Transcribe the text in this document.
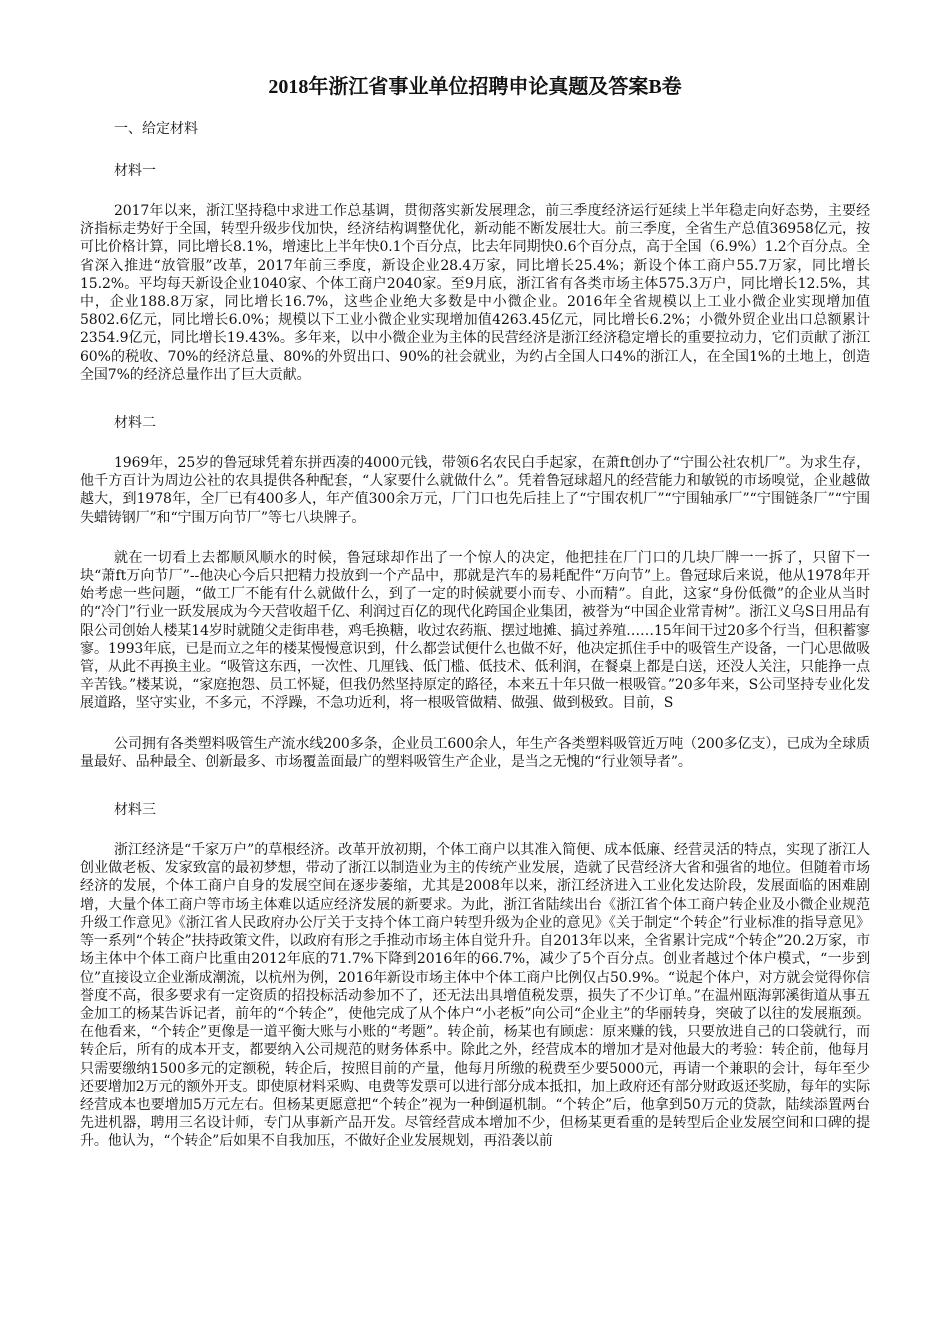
2018年浙江省事业单位招聘申论真题及答案B卷

一、给定材料

材料一

2017年以来，浙江坚持稳中求进工作总基调，贯彻落实新发展理念，前三季度经济运行延续上半年稳走向好态势，主要经济指标走势好于全国，转型升级步伐加快，经济结构调整优化，新动能不断发展壮大。前三季度，全省生产总值36958亿元，按可比价格计算，同比增长8.1%，增速比上半年快0.1个百分点，比去年同期快0.6个百分点，高于全国（6.9%）1.2个百分点。全省深入推进“放管服”改革，2017年前三季度，新设企业28.4万家，同比增长25.4%；新设个体工商户55.7万家，同比增长15.2%。平均每天新设企业1040家、个体工商户2040家。至9月底，浙江省有各类市场主体575.3万户，同比增长12.5%，其中，企业188.8万家，同比增长16.7%，这些企业绝大多数是中小微企业。2016年全省规模以上工业小微企业实现增加值5802.6亿元，同比增长6.0%；规模以下工业小微企业实现增加值4263.45亿元，同比增长6.2%；小微外贸企业出口总额累计2354.9亿元，同比增长19.43%。多年来，以中小微企业为主体的民营经济是浙江经济稳定增长的重要拉动力，它们贡献了浙江60%的税收、70%的经济总量、80%的外贸出口、90%的社会就业，为约占全国人口4%的浙江人，在全国1%的土地上，创造全国7%的经济总量作出了巨大贡献。

材料二

1969年，25岁的鲁冠球凭着东拼西凑的4000元钱，带领6名农民白手起家，在萧ft创办了“宁围公社农机厂”。为求生存，他千方百计为周边公社的农具提供各种配套，“人家要什么就做什么”。凭着鲁冠球超凡的经营能力和敏锐的市场嗅觉，企业越做越大，到1978年，全厂已有400多人，年产值300余万元，厂门口也先后挂上了“宁围农机厂”“宁围轴承厂”“宁围链条厂”“宁围失蜡铸钢厂”和“宁围万向节厂”等七八块牌子。

就在一切看上去都顺风顺水的时候，鲁冠球却作出了一个惊人的决定，他把挂在厂门口的几块厂牌一一拆了，只留下一块“萧ft万向节厂”--他决心今后只把精力投放到一个产品中，那就是汽车的易耗配件“万向节”上。鲁冠球后来说，他从1978年开始考虑一些问题，“做工厂不能有什么就做什么，到了一定的时候就要小而专、小而精”。自此，这家“身份低微”的企业从当时的“冷门”行业一跃发展成为今天营收超千亿、利润过百亿的现代化跨国企业集团，被誉为“中国企业常青树”。浙江义乌S日用品有限公司创始人楼某14岁时就随父走街串巷，鸡毛换糖，收过农药瓶、摆过地摊、搞过养殖……15年间干过20多个行当，但积蓄寥寥。1993年底，已是而立之年的楼某慢慢意识到，什么都尝试便什么也做不好，他决定抓住手中的吸管生产设备，一门心思做吸管，从此不再换主业。“吸管这东西，一次性、几厘钱、低门槛、低技术、低利润，在餐桌上都是白送，还没人关注，只能挣一点辛苦钱。”楼某说，“家庭抱怨、员工怀疑，但我仍然坚持原定的路径，本来五十年只做一根吸管。”20多年来，S公司坚持专业化发展道路，坚守实业，不多元，不浮躁，不急功近利，将一根吸管做精、做强、做到极致。目前，S

公司拥有各类塑料吸管生产流水线200多条，企业员工600余人，年生产各类塑料吸管近万吨（200多亿支），已成为全球质量最好、品种最全、创新最多、市场覆盖面最广的塑料吸管生产企业，是当之无愧的“行业领导者”。

材料三

浙江经济是“千家万户”的草根经济。改革开放初期，个体工商户以其准入简便、成本低廉、经营灵活的特点，实现了浙江人创业做老板、发家致富的最初梦想，带动了浙江以制造业为主的传统产业发展，造就了民营经济大省和强省的地位。但随着市场经济的发展，个体工商户自身的发展空间在逐步萎缩，尤其是2008年以来，浙江经济进入工业化发达阶段，发展面临的困难剧增，大量个体工商户等市场主体难以适应经济发展的新要求。为此，浙江省陆续出台《浙江省个体工商户转企业及小微企业规范升级工作意见》《浙江省人民政府办公厅关于支持个体工商户转型升级为企业的意见》《关于制定“个转企”行业标准的指导意见》等一系列“个转企”扶持政策文件，以政府有形之手推动市场主体自觉升升。自2013年以来，全省累计完成“个转企”20.2万家，市场主体中个体工商户比重由2012年底的71.7%下降到2016年的66.7%，减少了5个百分点。创业者越过个体户模式，“一步到位”直接设立企业渐成潮流，以杭州为例，2016年新设市场主体中个体工商户比例仅占50.9%。“说起个体户，对方就会觉得你信誉度不高，很多要求有一定资质的招投标活动参加不了，还无法出具增值税发票，损失了不少订单。”在温州瓯海郭溪街道从事五金加工的杨某告诉记者，前年的“个转企”，使他完成了从个体户“小老板”向公司“企业主”的华丽转身，突破了以往的发展瓶颈。在他看来，“个转企”更像是一道平衡大账与小账的“考题”。转企前，杨某也有顾虑：原来赚的钱，只要放进自己的口袋就行，而转企后，所有的成本开支，都要纳入公司规范的财务体系中。除此之外，经营成本的增加才是对他最大的考验：转企前，他每月只需要缴纳1500多元的定额税，转企后，按照目前的产量，他每月所缴的税费至少要5000元，再请一个兼职的会计，每年至少还要增加2万元的额外开支。即使原材料采购、电费等发票可以进行部分成本抵扣，加上政府还有部分财政返还奖励，每年的实际经营成本也要增加5万元左右。但杨某更愿意把“个转企”视为一种倒逼机制。“个转企”后，他拿到50万元的贷款，陆续添置两台先进机器，聘用三名设计师，专门从事新产品开发。尽管经营成本增加不少，但杨某更看重的是转型后企业发展空间和口碑的提升。他认为，“个转企”后如果不自我加压，不做好企业发展规划，再沿袭以前
